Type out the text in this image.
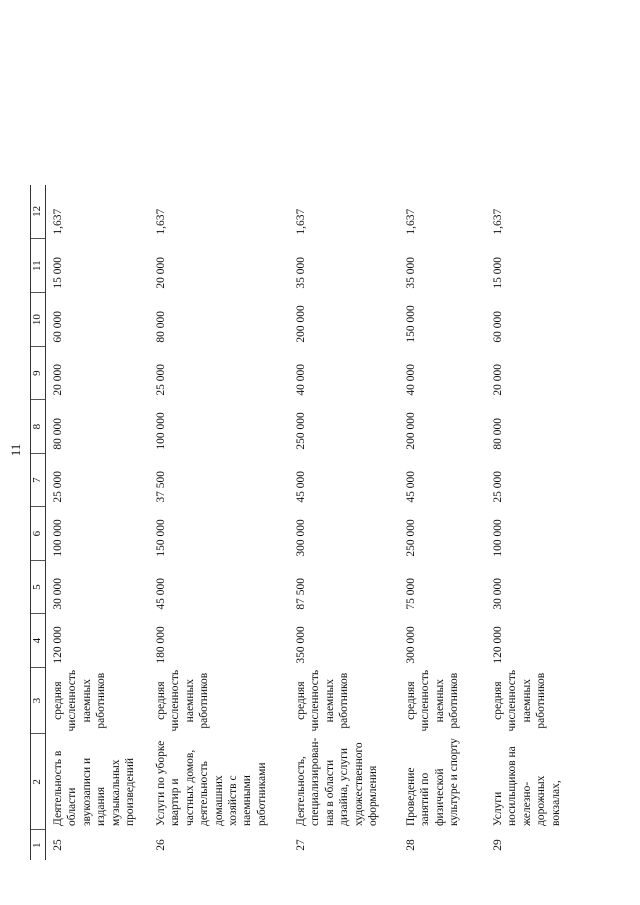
11
1	2	3	4	5	6	7	8	9	10	11	12
25	Деятельность в области звукозаписи и издания музыкальных произведений	средняя численность наемных работников	120 000	30 000	100 000	25 000	80 000	20 000	60 000	15 000	1,637
26	Услуги по уборке квартир и частных домов, деятельность домашних хозяйств с наемными работниками	средняя численность наемных работников	180 000	45 000	150 000	37 500	100 000	25 000	80 000	20 000	1,637
27	Деятельность, специализирован-ная в области дизайна, услуги художественного оформления	средняя численность наемных работников	350 000	87 500	300 000	45 000	250 000	40 000	200 000	35 000	1,637
28	Проведение занятий по физической культуре и спорту	средняя численность наемных работников	300 000	75 000	250 000	45 000	200 000	40 000	150 000	35 000	1,637
29	Услуги носильщиков на железно-дорожных вокзалах,	средняя численность наемных работников	120 000	30 000	100 000	25 000	80 000	20 000	60 000	15 000	1,637
